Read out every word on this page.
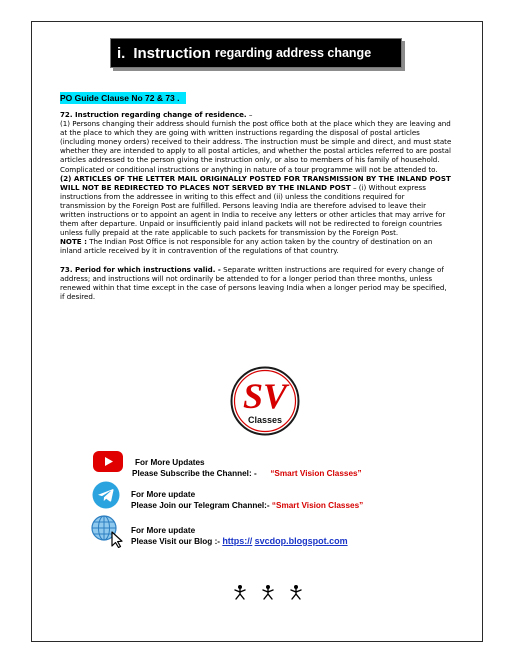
i. Instruction regarding address change
PO Guide Clause No 72 & 73 .

72. Instruction regarding change of residence. –

(1) Persons changing their address should furnish the post office both at the place which they are leaving and at the place to which they are going with written instructions regarding the disposal of postal articles (including money orders) received to their address. The instruction must be simple and direct, and must state whether they are intended to apply to all postal articles, and whether the postal articles referred to are postal articles addressed to the person giving the instruction only, or also to members of his family of household. Complicated or conditional instructions or anything in nature of a tour programme will not be attended to.

(2) ARTICLES OF THE LETTER MAIL ORIGINALLY POSTED FOR TRANSMISSION BY THE INLAND POST WILL NOT BE REDIRECTED TO PLACES NOT SERVED BY THE INLAND POST – (i) Without express instructions from the addressee in writing to this effect and (ii) unless the conditions required for transmission by the Foreign Post are fulfilled. Persons leaving India are therefore advised to leave their written instructions or to appoint an agent in India to receive any letters or other articles that may arrive for them after departure. Unpaid or insufficiently paid inland packets will not be redirected to foreign countries unless fully prepaid at the rate applicable to such packets for transmission by the Foreign Post.

NOTE : The Indian Post Office is not responsible for any action taken by the country of destination on an inland article received by it in contravention of the regulations of that country.

73. Period for which instructions valid. - Separate written instructions are required for every change of address; and instructions will not ordinarily be attended to for a longer period than three months, unless renewed within that time except in the case of persons leaving India when a longer period may be specified, if desired.

SV
Classes
For More Updates
Please Subscribe the Channel: - “Smart Vision Classes”
For More update
Please Join our Telegram Channel:- “Smart Vision Classes”
For More update
Please Visit our Blog :- https:// svcdop.blogspot.com
